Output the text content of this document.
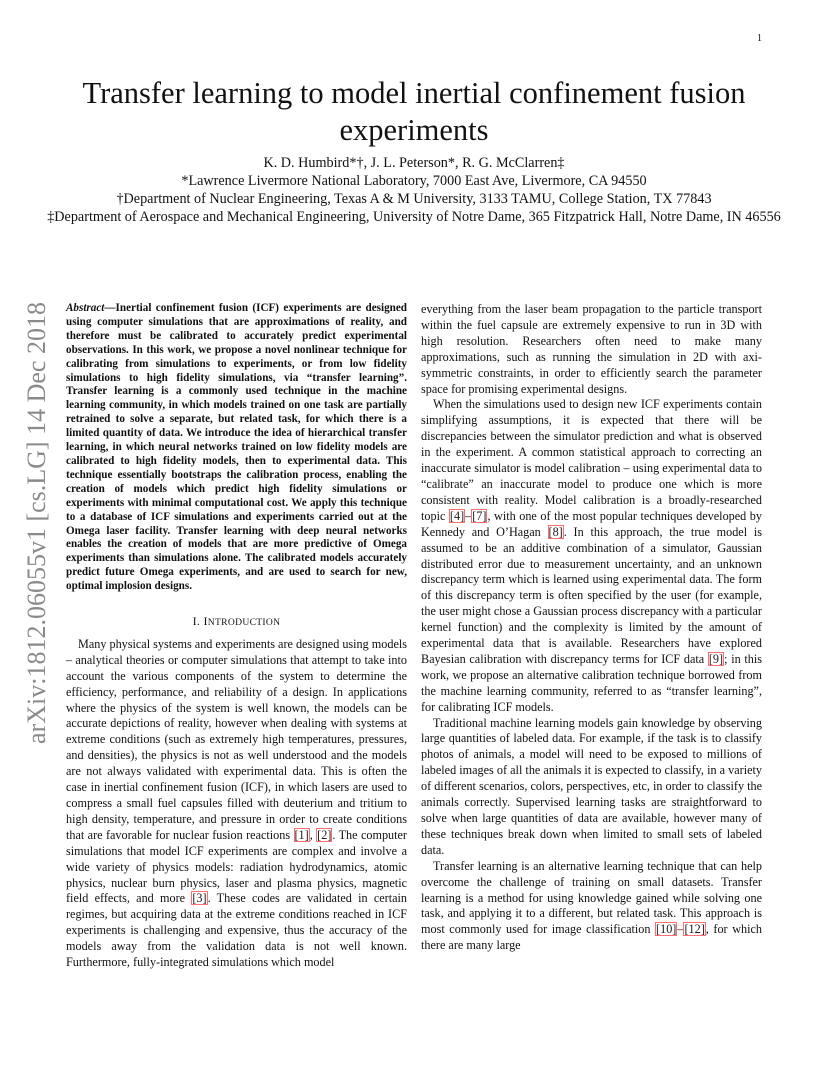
1
Transfer learning to model inertial confinement fusion experiments
K. D. Humbird*†, J. L. Peterson*, R. G. McClarren‡
*Lawrence Livermore National Laboratory, 7000 East Ave, Livermore, CA 94550
†Department of Nuclear Engineering, Texas A & M University, 3133 TAMU, College Station, TX 77843
‡Department of Aerospace and Mechanical Engineering, University of Notre Dame, 365 Fitzpatrick Hall, Notre Dame, IN 46556
arXiv:1812.06055v1 [cs.LG] 14 Dec 2018	Abstract—Inertial confinement fusion (ICF) experiments are designed using computer simulations that are approximations of reality, and therefore must be calibrated to accurately predict experimental observations. In this work, we propose a novel nonlinear technique for calibrating from simulations to experiments, or from low fidelity simulations to high fidelity simulations, via “transfer learning”. Transfer learning is a commonly used technique in the machine learning community, in which models trained on one task are partially retrained to solve a separate, but related task, for which there is a limited quantity of data. We introduce the idea of hierarchical transfer learning, in which neural networks trained on low fidelity models are calibrated to high fidelity models, then to experimental data. This technique essentially bootstraps the calibration process, enabling the creation of models which predict high fidelity simulations or experiments with minimal computational cost. We apply this technique to a database of ICF simulations and experiments carried out at the Omega laser facility. Transfer learning with deep neural networks enables the creation of models that are more predictive of Omega experiments than simulations alone. The calibrated models accurately predict future Omega experiments, and are used to search for new, optimal implosion designs.
I. INTRODUCTION

Many physical systems and experiments are designed using models – analytical theories or computer simulations that attempt to take into account the various components of the system to determine the efficiency, performance, and reliability of a design. In applications where the physics of the system is well known, the models can be accurate depictions of reality, however when dealing with systems at extreme conditions (such as extremely high temperatures, pressures, and densities), the physics is not as well understood and the models are not always validated with experimental data. This is often the case in inertial confinement fusion (ICF), in which lasers are used to compress a small fuel capsules filled with deuterium and tritium to high density, temperature, and pressure in order to create conditions that are favorable for nuclear fusion reactions [1], [2]. The computer simulations that model ICF experiments are complex and involve a wide variety of physics models: radiation hydrodynamics, atomic physics, nuclear burn physics, laser and plasma physics, magnetic field effects, and more [3]. These codes are validated in certain regimes, but acquiring data at the extreme conditions reached in ICF experiments is challenging and expensive, thus the accuracy of the models away from the validation data is not well known. Furthermore, fully-integrated simulations which model

everything from the laser beam propagation to the particle transport within the fuel capsule are extremely expensive to run in 3D with high resolution. Researchers often need to make many approximations, such as running the simulation in 2D with axi-symmetric constraints, in order to efficiently search the parameter space for promising experimental designs.

When the simulations used to design new ICF experiments contain simplifying assumptions, it is expected that there will be discrepancies between the simulator prediction and what is observed in the experiment. A common statistical approach to correcting an inaccurate simulator is model calibration – using experimental data to “calibrate” an inaccurate model to produce one which is more consistent with reality. Model calibration is a broadly-researched topic [4]–[7], with one of the most popular techniques developed by Kennedy and O’Hagan [8]. In this approach, the true model is assumed to be an additive combination of a simulator, Gaussian distributed error due to measurement uncertainty, and an unknown discrepancy term which is learned using experimental data. The form of this discrepancy term is often specified by the user (for example, the user might chose a Gaussian process discrepancy with a particular kernel function) and the complexity is limited by the amount of experimental data that is available. Researchers have explored Bayesian calibration with discrepancy terms for ICF data [9]; in this work, we propose an alternative calibration technique borrowed from the machine learning community, referred to as “transfer learning”, for calibrating ICF models.

Traditional machine learning models gain knowledge by observing large quantities of labeled data. For example, if the task is to classify photos of animals, a model will need to be exposed to millions of labeled images of all the animals it is expected to classify, in a variety of different scenarios, colors, perspectives, etc, in order to classify the animals correctly. Supervised learning tasks are straightforward to solve when large quantities of data are available, however many of these techniques break down when limited to small sets of labeled data.

Transfer learning is an alternative learning technique that can help overcome the challenge of training on small datasets. Transfer learning is a method for using knowledge gained while solving one task, and applying it to a different, but related task. This approach is most commonly used for image classification [10]–[12], for which there are many large
